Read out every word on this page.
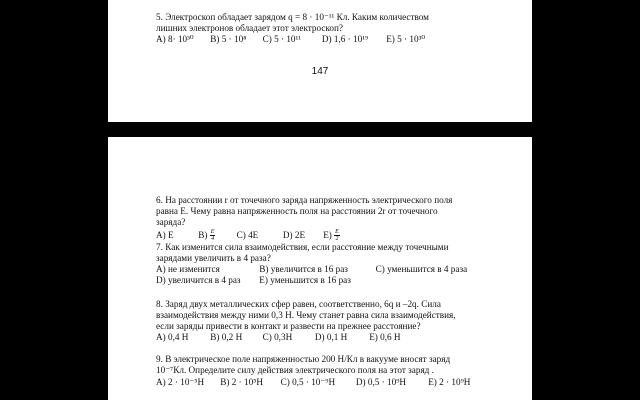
5. Электроскоп обладает зарядом q = 8 · 10⁻¹¹ Кл. Каким количеством
лишних электронов обладает этот электроскоп?
A) 8· 10³⁰ B) 5 · 10⁸ C) 5 · 10¹¹ D) 1,6 · 10¹⁹ E) 5 · 10³⁰
147
6. На расстоянии r от точечного заряда напряженность электрического поля
равна E. Чему равна напряженность поля на расстоянии 2r от точечного
заряда?
A) E	$B) \frac{E}{4} C$) 4E	D) 2E $E) \frac{E}{2}$
7. Как изменится сила взаимодействия, если расстояние между точечными
зарядами увеличить в 4 раза?
A) не изменится	B) увеличится в 16 раз	C) уменьшится в 4 раза
D) увеличится в 4 раз E) уменьшится в 16 раз
8. Заряд двух металлических сфер равен, соответственно, 6q и –2q. Сила
взаимодействия между ними 0,3 Н. Чему станет равна сила взаимодействия,
если заряды привести в контакт и развести на прежнее расстояние?
A) 0,4 H B) 0,2 H C) 0,3H D) 0,1 H E) 0,6 H
9. В электрическое поле напряженностью 200 Н/Кл в вакууме вносят заряд
10⁻⁷Кл. Определите силу действия электрического поля на этот заряд .
A) 2 · 10⁻⁵H B) 2 · 10⁵H C) 0,5 · 10⁻⁹H D) 0,5 · 10⁹H E) 2 · 10⁹H
